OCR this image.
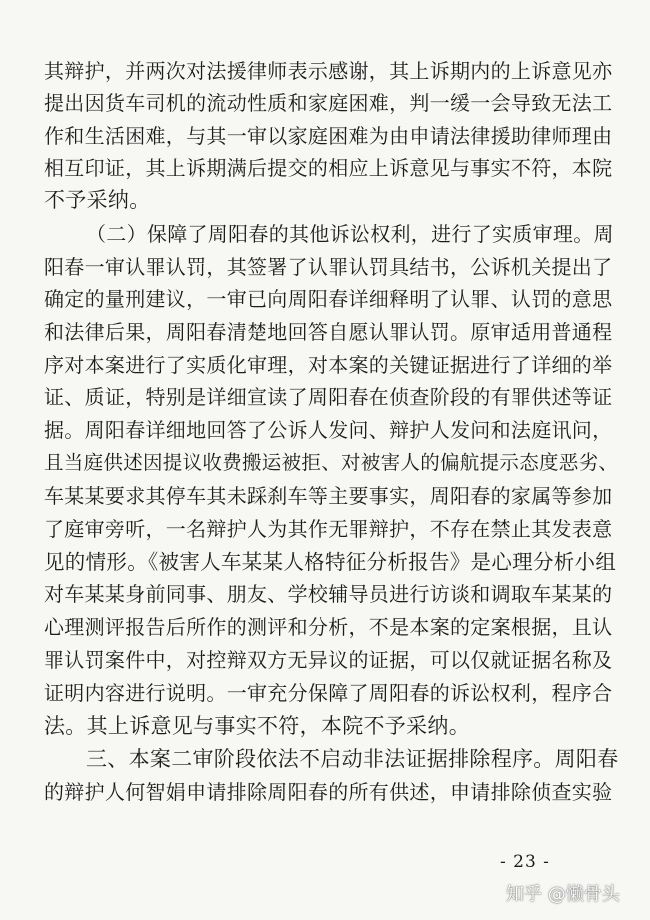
其辩护，并两次对法援律师表示感谢，其上诉期内的上诉意见亦
提出因货车司机的流动性质和家庭困难，判一缓一会导致无法工
作和生活困难，与其一审以家庭困难为由申请法律援助律师理由
相互印证，其上诉期满后提交的相应上诉意见与事实不符，本院
不予采纳。
（二）保障了周阳春的其他诉讼权利，进行了实质审理。周
阳春一审认罪认罚，其签署了认罪认罚具结书，公诉机关提出了
确定的量刑建议，一审已向周阳春详细释明了认罪、认罚的意思
和法律后果，周阳春清楚地回答自愿认罪认罚。原审适用普通程
序对本案进行了实质化审理，对本案的关键证据进行了详细的举
证、质证，特别是详细宣读了周阳春在侦查阶段的有罪供述等证
据。周阳春详细地回答了公诉人发问、辩护人发问和法庭讯问，
且当庭供述因提议收费搬运被拒、对被害人的偏航提示态度恶劣、
车某某要求其停车其未踩刹车等主要事实，周阳春的家属等参加
了庭审旁听，一名辩护人为其作无罪辩护，不存在禁止其发表意
见的情形。《被害人车某某人格特征分析报告》是心理分析小组
对车某某身前同事、朋友、学校辅导员进行访谈和调取车某某的
心理测评报告后所作的测评和分析，不是本案的定案根据，且认
罪认罚案件中，对控辩双方无异议的证据，可以仅就证据名称及
证明内容进行说明。一审充分保障了周阳春的诉讼权利，程序合
法。其上诉意见与事实不符，本院不予采纳。
三、本案二审阶段依法不启动非法证据排除程序。周阳春
的辩护人何智娟申请排除周阳春的所有供述，申请排除侦查实验
- 23 -
知乎 @懒骨头
